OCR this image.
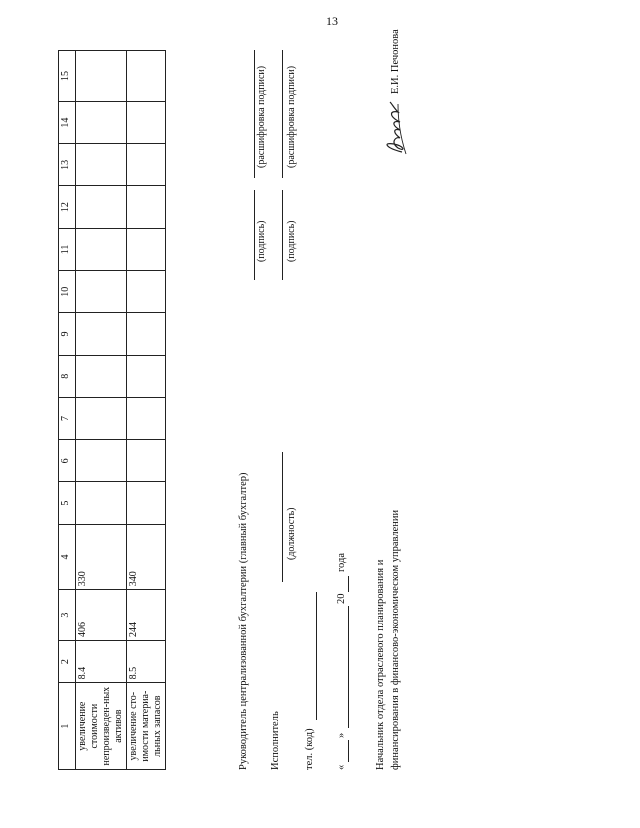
13
1	2	3	4	5	6	7	8	9	10	11	12	13	14	15
увеличение стоимости непроизведен-ных активов	8.4	406	330											
увеличение сто-имости материа-льных запасов	8.5	244	340												Руководитель централизованной бухгалтерии (главный бухгалтер)
(подпись)
(расшифровка подписи)
Исполнитель
(должность)
(подпись)
(расшифровка подписи)
тел. (код) «
»
20
года	Начальник отдела отраслевого планирования и финансирования в финансово-экономическом управлении
Е.И. Печонова
